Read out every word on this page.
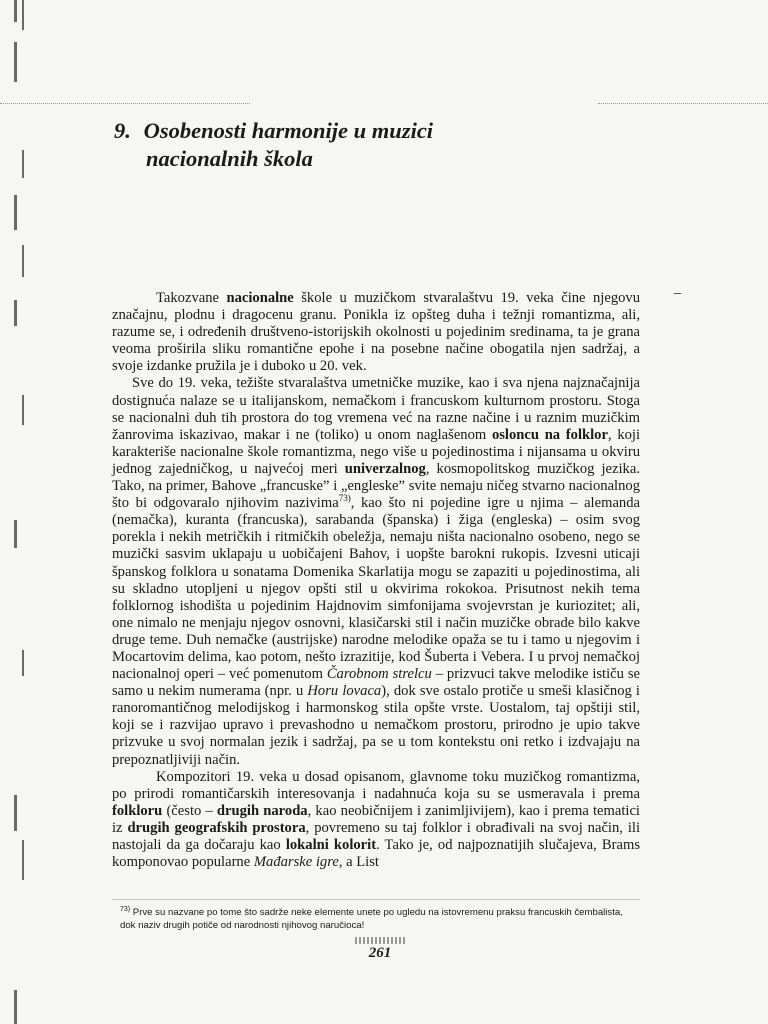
9. Osobenosti harmonije u muzici
nacionalnih škola

Takozvane nacionalne škole u muzičkom stvaralaštvu 19. veka čine njegovu značajnu, plodnu i dragocenu granu. Ponikla iz opšteg duha i težnji romantizma, ali, razume se, i određenih društveno-istorijskih okolnosti u pojedinim sredinama, ta je grana veoma proširila sliku romantične epohe i na posebne načine obogatila njen sadržaj, a svoje izdanke pružila je i duboko u 20. vek.

Sve do 19. veka, težište stvaralaštva umetničke muzike, kao i sva njena najznačajnija dostignuća nalaze se u italijanskom, nemačkom i francuskom kulturnom prostoru. Stoga se nacionalni duh tih prostora do tog vremena već na razne načine i u raznim muzičkim žanrovima iskazivao, makar i ne (toliko) u onom naglašenom osloncu na folklor, koji karakteriše nacionalne škole romantizma, nego više u pojedinostima i nijansama u okviru jednog zajedničkog, u najvećoj meri univerzalnog, kosmopolitskog muzičkog jezika. Tako, na primer, Bahove „francuske” i „engleske” svite nemaju ničeg stvarno nacionalnog što bi odgovaralo njihovim nazivima$^{73)}$, kao što ni pojedine igre u njima – alemanda (nemačka), kuranta (francuska), sarabanda (španska) i žiga (engleska) – osim svog porekla i nekih metričkih i ritmičkih obeležja, nemaju ništa nacionalno osobeno, nego se muzički sasvim uklapaju u uobičajeni Bahov, i uopšte barokni rukopis. Izvesni uticaji španskog folklora u sonatama Domenika Skarlatija mogu se zapaziti u pojedinostima, ali su skladno utopljeni u njegov opšti stil u okvirima rokokoa. Prisutnost nekih tema folklornog ishodišta u pojedinim Hajdnovim simfonijama svojevrstan je kuriozitet; ali, one nimalo ne menjaju njegov osnovni, klasičarski stil i način muzičke obrade bilo kakve druge teme. Duh nemačke (austrijske) narodne melodike opaža se tu i tamo u njegovim i Mocartovim delima, kao potom, nešto izrazitije, kod Šuberta i Vebera. I u prvoj nemačkoj nacionalnoj operi – već pomenutom Čarobnom strelcu – prizvuci takve melodike ističu se samo u nekim numerama (npr. u Horu lovaca), dok sve ostalo protiče u smeši klasičnog i ranoromantičnog melodijskog i harmonskog stila opšte vrste. Uostalom, taj opštiji stil, koji se i razvijao upravo i prevashodno u nemačkom prostoru, prirodno je upio takve prizvuke u svoj normalan jezik i sadržaj, pa se u tom kontekstu oni retko i izdvajaju na prepoznatljiviji način.

Kompozitori 19. veka u dosad opisanom, glavnome toku muzičkog romantizma, po prirodi romantičarskih interesovanja i nadahnuća koja su se usmeravala i prema folkloru (često – drugih naroda, kao neobičnijem i zanimljivijem), kao i prema tematici iz drugih geografskih prostora, povremeno su taj folklor i obrađivali na svoj način, ili nastojali da ga dočaraju kao lokalni kolorit. Tako je, od najpoznatijih slučajeva, Brams komponovao popularne Mađarske igre, a List

$^{73)}$ Prve su nazvane po tome što sadrže neke elemente unete po ugledu na istovremenu praksu francuskih čembalista, dok naziv drugih potiče od narodnosti njihovog naručioca!
261
